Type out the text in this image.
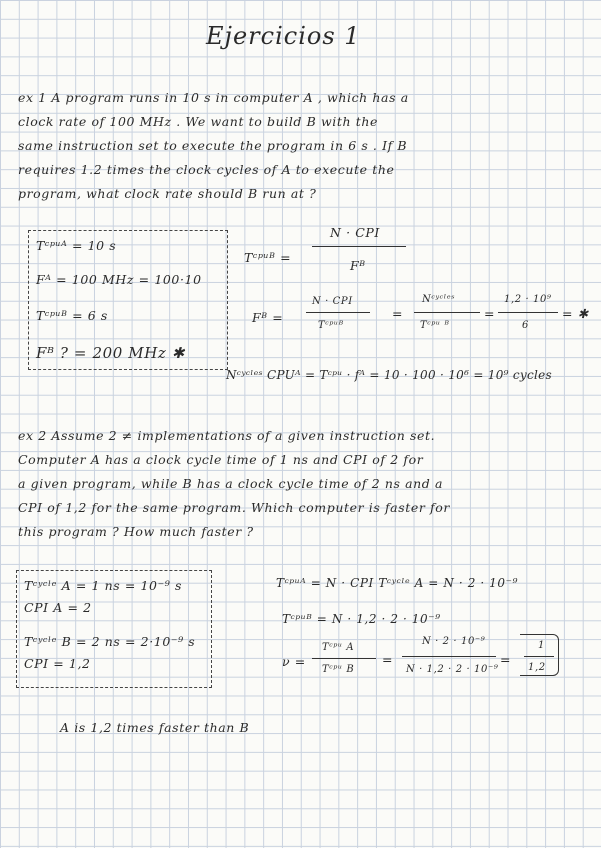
Ejercicios 1
ex 1 A program runs in 10 s in computer A , which has a
clock rate of 100 MHz . We want to build B with the
same instruction set to execute the program in 6 s . If B
requires 1.2 times the clock cycles of A to execute the
program, what clock rate should B run at ?
Tᶜᵖᵘᴬ = 10 s
Fᴬ = 100 MHz = 100·10
Tᶜᵖᵘᴮ = 6 s
Fᴮ ? = 200 MHz ✱
Tᶜᵖᵘᴮ =
N · CPI
Fᴮ
Fᴮ =
N · CPI
Tᶜᵖᵘᴮ
=
Nᶜʸᶜˡᵉˢ
Tᶜᵖᵘ ᴮ
=
1,2 · 10⁹
6
= ✱
Nᶜʸᶜˡᵉˢ CPUᴬ = Tᶜᵖᵘ · fᴬ = 10 · 100 · 10⁶ = 10⁹ cycles
ex 2 Assume 2 ≠ implementations of a given instruction set.
Computer A has a clock cycle time of 1 ns and CPI of 2 for
a given program, while B has a clock cycle time of 2 ns and a
CPI of 1,2 for the same program. Which computer is faster for
this program ? How much faster ?
Tᶜʸᶜˡᵉ A = 1 ns = 10⁻⁹ s
CPI A = 2
Tᶜʸᶜˡᵉ B = 2 ns = 2·10⁻⁹ s
CPI = 1,2
Tᶜᵖᵘᴬ = N · CPI Tᶜʸᶜˡᵉ A = N · 2 · 10⁻⁹
Tᶜᵖᵘᴮ = N · 1,2 · 2 · 10⁻⁹
ν =
Tᶜᵖᵘ A
Tᶜᵖᵘ B
=
N · 2 · 10⁻⁹
N · 1,2 · 2 · 10⁻⁹
=
1
1,2
A is 1,2 times faster than B
